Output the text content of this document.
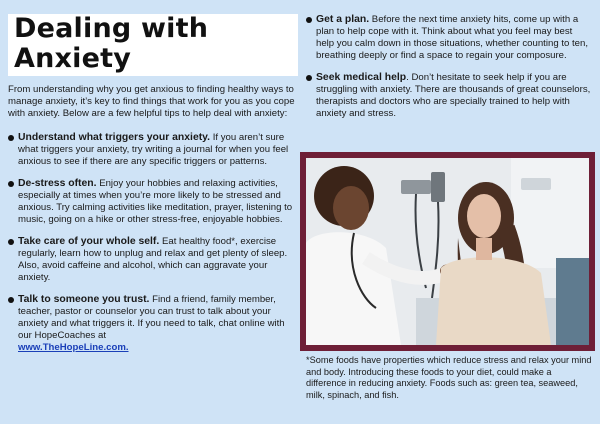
Dealing with Anxiety
From understanding why you get anxious to finding healthy ways to manage anxiety, it’s key to find things that work for you as you cope with anxiety. Below are a few helpful tips to help deal with anxiety:
Understand what triggers your anxiety. If you aren’t sure what triggers your anxiety, try writing a journal for when you feel anxious to see if there are any specific triggers or patterns.
De-stress often. Enjoy your hobbies and relaxing activities, especially at times when you’re more likely to be stressed and anxious. Try calming activities like meditation, prayer, listening to music, going on a hike or other stress-free, enjoyable hobbies.
Take care of your whole self. Eat healthy food*, exercise regularly, learn how to unplug and relax and get plenty of sleep. Also, avoid caffeine and alcohol, which can aggravate your anxiety.
Talk to someone you trust. Find a friend, family member, teacher, pastor or counselor you can trust to talk about your anxiety and what triggers it. If you need to talk, chat online with our HopeCoaches at
www.TheHopeLine.com.
Get a plan. Before the next time anxiety hits, come up with a plan to help cope with it. Think about what you feel may best help you calm down in those situations, whether counting to ten, breathing deeply or find a space to regain your composure.
Seek medical help. Don’t hesitate to seek help if you are struggling with anxiety. There are thousands of great counselors, therapists and doctors who are specially trained to help with anxiety and stress.
*Some foods have properties which reduce stress and relax your mind and body. Introducing these foods to your diet, could make a difference in reducing anxiety. Foods such as: green tea, seaweed, milk, spinach, and fish.
